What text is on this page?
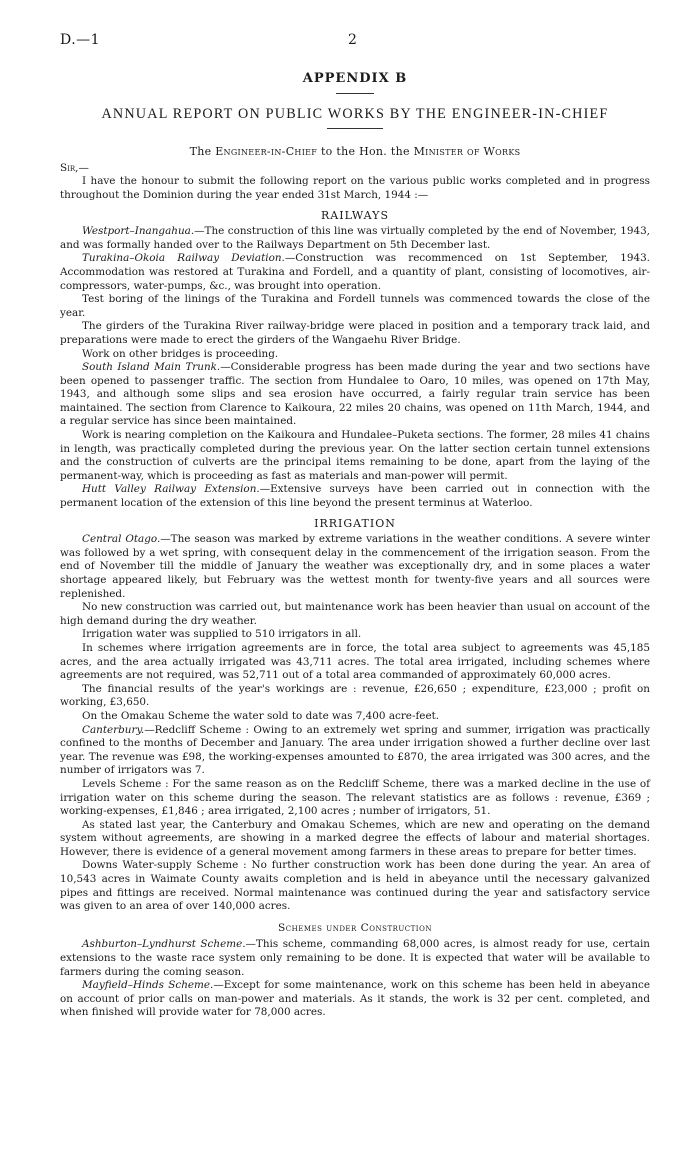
D.—1	2
APPENDIX B
ANNUAL REPORT ON PUBLIC WORKS BY THE ENGINEER-IN-CHIEF
The Engineer-in-Chief to the Hon. the Minister of Works
Sir,—

I have the honour to submit the following report on the various public works completed and in progress throughout the Dominion during the year ended 31st March, 1944 :—

RAILWAYS

Westport–Inangahua.—The construction of this line was virtually completed by the end of November, 1943, and was formally handed over to the Railways Department on 5th December last.

Turakina–Okoia Railway Deviation.—Construction was recommenced on 1st September, 1943. Accommodation was restored at Turakina and Fordell, and a quantity of plant, consisting of locomotives, air-compressors, water-pumps, &c., was brought into operation.

Test boring of the linings of the Turakina and Fordell tunnels was commenced towards the close of the year.

The girders of the Turakina River railway-bridge were placed in position and a temporary track laid, and preparations were made to erect the girders of the Wangaehu River Bridge.

Work on other bridges is proceeding.

South Island Main Trunk.—Considerable progress has been made during the year and two sections have been opened to passenger traffic. The section from Hundalee to Oaro, 10 miles, was opened on 17th May, 1943, and although some slips and sea erosion have occurred, a fairly regular train service has been maintained. The section from Clarence to Kaikoura, 22 miles 20 chains, was opened on 11th March, 1944, and a regular service has since been maintained.

Work is nearing completion on the Kaikoura and Hundalee–Puketa sections. The former, 28 miles 41 chains in length, was practically completed during the previous year. On the latter section certain tunnel extensions and the construction of culverts are the principal items remaining to be done, apart from the laying of the permanent-way, which is proceeding as fast as materials and man-power will permit.

Hutt Valley Railway Extension.—Extensive surveys have been carried out in connection with the permanent location of the extension of this line beyond the present terminus at Waterloo.

IRRIGATION

Central Otago.—The season was marked by extreme variations in the weather conditions. A severe winter was followed by a wet spring, with consequent delay in the commencement of the irrigation season. From the end of November till the middle of January the weather was exceptionally dry, and in some places a water shortage appeared likely, but February was the wettest month for twenty-five years and all sources were replenished.

No new construction was carried out, but maintenance work has been heavier than usual on account of the high demand during the dry weather.

Irrigation water was supplied to 510 irrigators in all.

In schemes where irrigation agreements are in force, the total area subject to agreements was 45,185 acres, and the area actually irrigated was 43,711 acres. The total area irrigated, including schemes where agreements are not required, was 52,711 out of a total area commanded of approximately 60,000 acres.

The financial results of the year's workings are : revenue, £26,650 ; expenditure, £23,000 ; profit on working, £3,650.

On the Omakau Scheme the water sold to date was 7,400 acre-feet.

Canterbury.—Redcliff Scheme : Owing to an extremely wet spring and summer, irrigation was practically confined to the months of December and January. The area under irrigation showed a further decline over last year. The revenue was £98, the working-expenses amounted to £870, the area irrigated was 300 acres, and the number of irrigators was 7.

Levels Scheme : For the same reason as on the Redcliff Scheme, there was a marked decline in the use of irrigation water on this scheme during the season. The relevant statistics are as follows : revenue, £369 ; working-expenses, £1,846 ; area irrigated, 2,100 acres ; number of irrigators, 51.

As stated last year, the Canterbury and Omakau Schemes, which are new and operating on the demand system without agreements, are showing in a marked degree the effects of labour and material shortages. However, there is evidence of a general movement among farmers in these areas to prepare for better times.

Downs Water-supply Scheme : No further construction work has been done during the year. An area of 10,543 acres in Waimate County awaits completion and is held in abeyance until the necessary galvanized pipes and fittings are received. Normal maintenance was continued during the year and satisfactory service was given to an area of over 140,000 acres.

Schemes under Construction

Ashburton–Lyndhurst Scheme.—This scheme, commanding 68,000 acres, is almost ready for use, certain extensions to the waste race system only remaining to be done. It is expected that water will be available to farmers during the coming season.

Mayfield–Hinds Scheme.—Except for some maintenance, work on this scheme has been held in abeyance on account of prior calls on man-power and materials. As it stands, the work is 32 per cent. completed, and when finished will provide water for 78,000 acres.
